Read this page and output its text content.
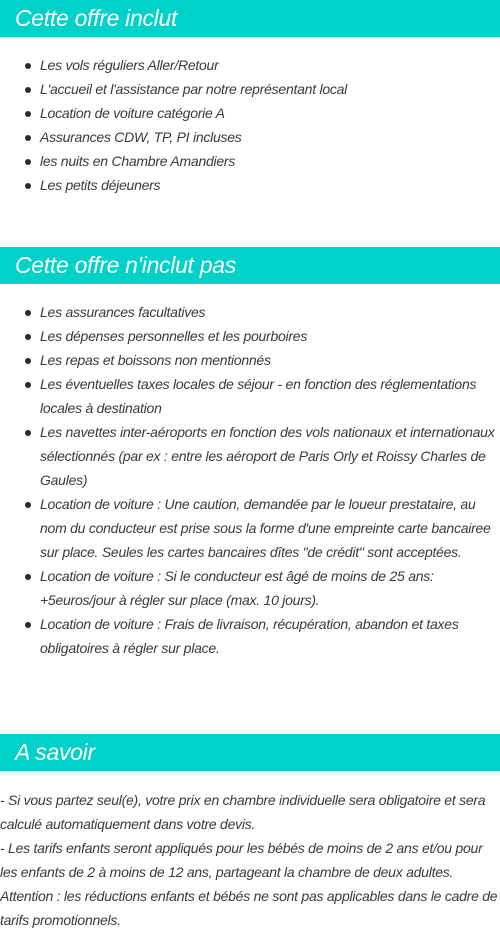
Cette offre inclut
Les vols réguliers Aller/Retour
L'accueil et l'assistance par notre représentant local
Location de voiture catégorie A
Assurances CDW, TP, PI incluses
les nuits en Chambre Amandiers
Les petits déjeuners
Cette offre n'inclut pas
Les assurances facultatives
Les dépenses personnelles et les pourboires
Les repas et boissons non mentionnés
Les éventuelles taxes locales de séjour - en fonction des réglementations locales à destination
Les navettes inter-aéroports en fonction des vols nationaux et internationaux sélectionnés (par ex : entre les aéroport de Paris Orly et Roissy Charles de Gaules)
Location de voiture : Une caution, demandée par le loueur prestataire, au nom du conducteur est prise sous la forme d'une empreinte carte bancairee sur place. Seules les cartes bancaires dîtes "de crédit" sont acceptées.
Location de voiture : Si le conducteur est âgé de moins de 25 ans: +5euros/jour à régler sur place (max. 10 jours).
Location de voiture : Frais de livraison, récupération, abandon et taxes obligatoires à régler sur place.
A savoir

- Si vous partez seul(e), votre prix en chambre individuelle sera obligatoire et sera calculé automatiquement dans votre devis.

- Les tarifs enfants seront appliqués pour les bébés de moins de 2 ans et/ou pour les enfants de 2 à moins de 12 ans, partageant la chambre de deux adultes.

Attention : les réductions enfants et bébés ne sont pas applicables dans le cadre de tarifs promotionnels.
